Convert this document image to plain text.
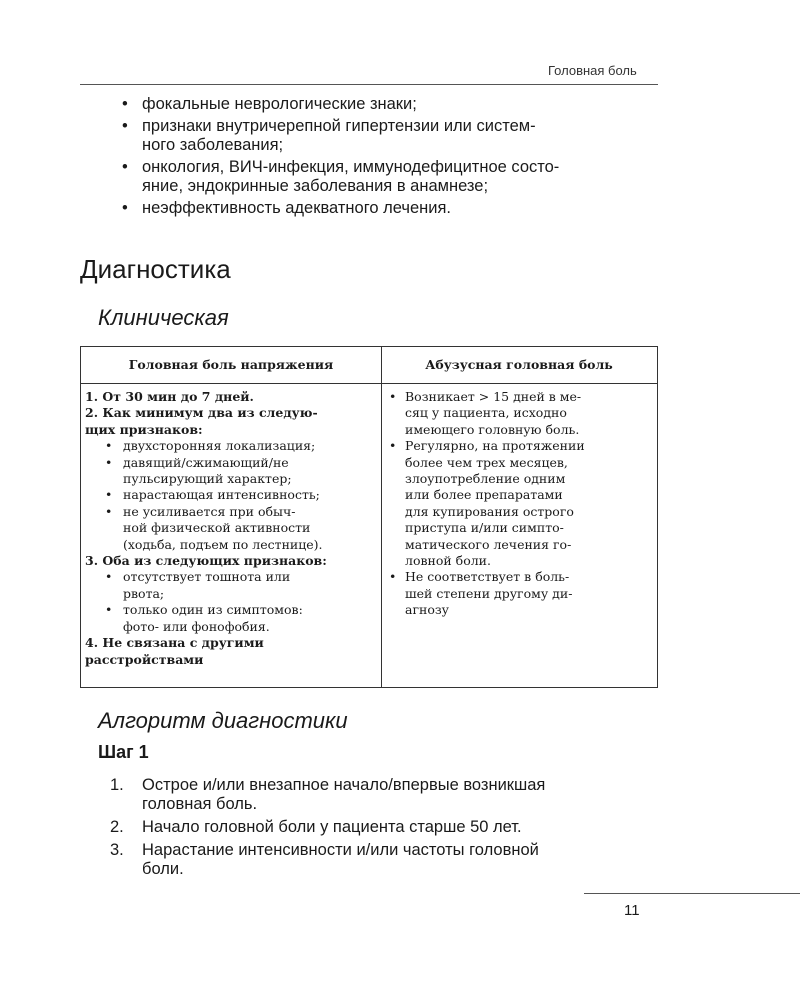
Головная боль
• фокальные неврологические знаки;
• признаки внутричерепной гипертензии или систем-
ного заболевания;
• онкология, ВИЧ-инфекция, иммунодефицитное состо-
яние, эндокринные заболевания в анамнезе;
• неэффективность адекватного лечения.
Диагностика
Клиническая
Головная боль напряжения	Абузусная головная боль
1. От 30 мин до 7 дней.
2. Как минимум два из следую-
щих признаков:
• двухсторонняя локализация;
• давящий/сжимающий/не
пульсирующий характер;
• нарастающая интенсивность;
• не усиливается при обыч-
ной физической активности
(ходьба, подъем по лестнице).
3. Оба из следующих признаков:
• отсутствует тошнота или
рвота;
• только один из симптомов:
фото- или фонофобия.
4. Не связана с другими
расстройствами
• Возникает > 15 дней в ме-
сяц у пациента, исходно
имеющего головную боль.
• Регулярно, на протяжении
более чем трех месяцев,
злоупотребление одним
или более препаратами
для купирования острого
приступа и/или симпто-
матического лечения го-
ловной боли.
• Не соответствует в боль-
шей степени другому ди-
агнозу
Алгоритм диагностики
Шаг 1
1. Острое и/или внезапное начало/впервые возникшая
головная боль.
2. Начало головной боли у пациента старше 50 лет.
3. Нарастание интенсивности и/или частоты головной
боли.
11
